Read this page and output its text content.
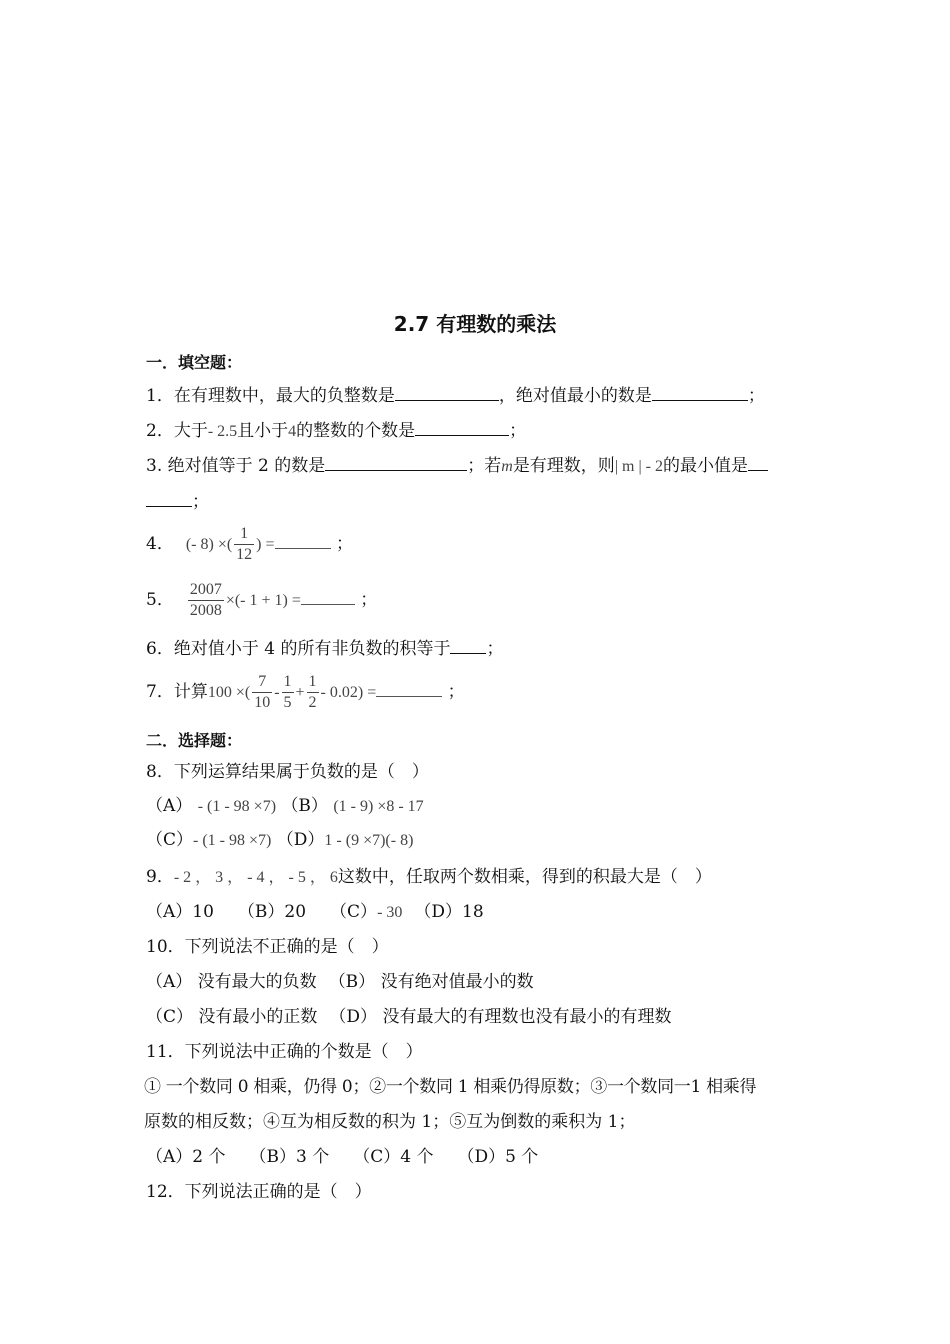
2.7 有理数的乘法
一．填空题：
1．在有理数中，最大的负整数是	，绝对值最小的数是	；
2．大于- 2.5且小于4的整数的个数是	；
3. 绝对值等于 2 的数是	；若m是有理数，则| m | - 2的最小值是
；
4． (- 8) ×( $\frac{1}{12}$ ) =	；
5． $\frac{2007}{2008}$ ×(- 1 + 1) =	；
6．绝对值小于 4 的所有非负数的积等于 ；
7．计算100 ×( $\frac{7}{10} - \frac{1}{5} + \frac{1}{2} - 0.02$) =	；
二．选择题：
8．下列运算结果属于负数的是（　）
（A） - (1 - 98 ×7) （B） (1 - 9) ×8 - 17
（C）- (1 - 98 ×7) （D）1 - (9 ×7)(- 8)
9．- 2 ， 3 ， - 4 ， - 5 ， 6这数中，任取两个数相乘，得到的积最大是（　）
（A）10 （B）20 （C）- 30 （D）18
10．下列说法不正确的是（　）
（A） 没有最大的负数 （B） 没有绝对值最小的数
（C） 没有最小的正数 （D） 没有最大的有理数也没有最小的有理数
11．下列说法中正确的个数是（　）
① 一个数同 0 相乘，仍得 0；②一个数同 1 相乘仍得原数；③一个数同一1 相乘得
原数的相反数；④互为相反数的积为 1；⑤互为倒数的乘积为 1；
（A）2 个 （B）3 个 （C）4 个 （D）5 个
12．下列说法正确的是（　）
